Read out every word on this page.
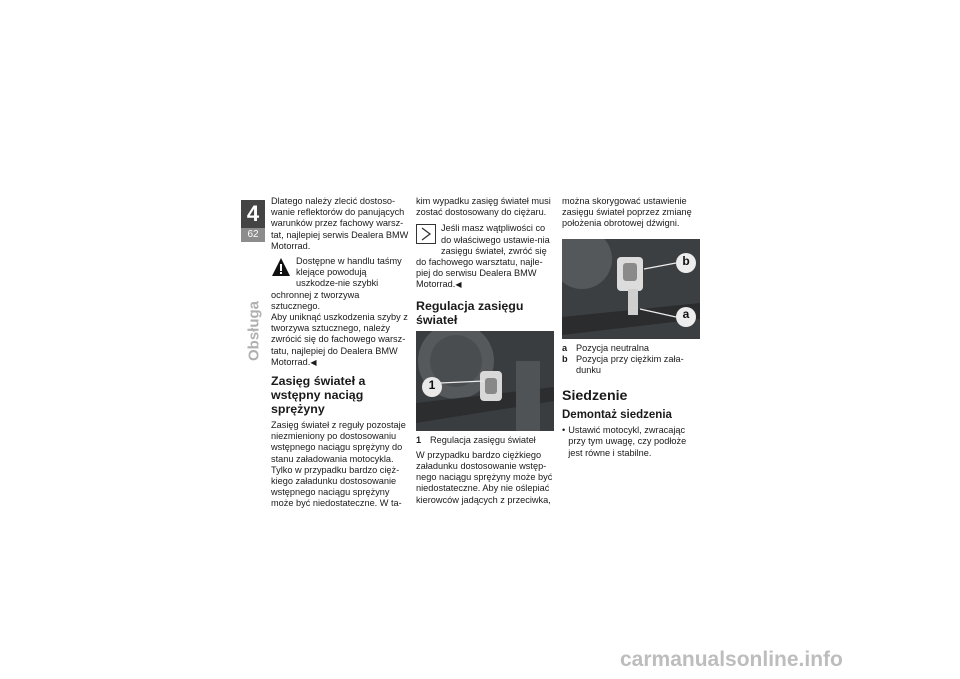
4
62
Obsługa

Dlatego należy zlecić dostoso-wanie reflektorów do panujących warunków przez fachowy warsz-tat, najlepiej serwis Dealera BMW Motorrad.

Dostępne w handlu taśmy klejące powodują uszkodze-nie szybki ochronnej z tworzywa sztucznego.

Aby uniknąć uszkodzenia szyby z tworzywa sztucznego, należy zwrócić się do fachowego warsz-tatu, najlepiej do Dealera BMW Motorrad.◀

Zasięg świateł a wstępny naciąg sprężyny

Zasięg świateł z reguły pozostaje niezmieniony po dostosowaniu wstępnego naciągu sprężyny do stanu załadowania motocykla.

Tylko w przypadku bardzo cięż-kiego załadunku dostosowanie wstępnego naciągu sprężyny może być niedostateczne. W ta-

kim wypadku zasięg świateł musi zostać dostosowany do ciężaru.

Jeśli masz wątpliwości co do właściwego ustawie-nia zasięgu świateł, zwróć się do fachowego warsztatu, najle-piej do serwisu Dealera BMW Motorrad.◀

Regulacja zasięgu świateł
1
1 Regulacja zasięgu świateł

W przypadku bardzo ciężkiego załadunku dostosowanie wstęp-nego naciągu sprężyny może być niedostateczne. Aby nie oślepiać kierowców jadących z przeciwka,

można skorygować ustawienie zasięgu świateł poprzez zmianę położenia obrotowej dźwigni.

b
a
a Pozycja neutralna
b Pozycja przy ciężkim zała-dunku
Siedzenie
Demontaż siedzenia
• Ustawić motocykl, zwracając przy tym uwagę, czy podłoże jest równe i stabilne.
carmanualsonline.info
